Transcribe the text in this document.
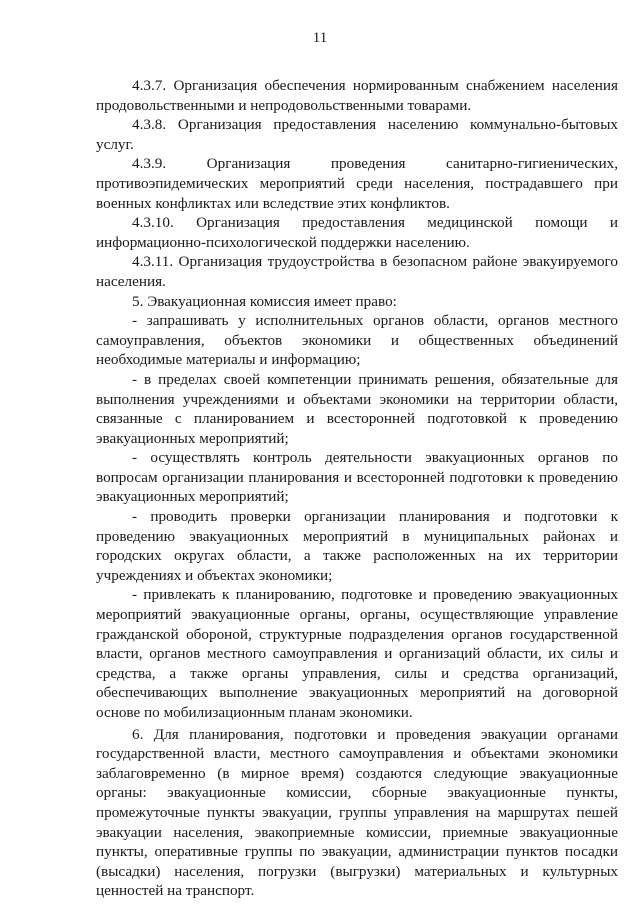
11

4.3.7. Организация обеспечения нормированным снабжением населения продовольственными и непродовольственными товарами.

4.3.8. Организация предоставления населению коммунально-бытовых услуг.

4.3.9. Организация проведения санитарно-гигиенических, противоэпидемических мероприятий среди населения, пострадавшего при военных конфликтах или вследствие этих конфликтов.

4.3.10. Организация предоставления медицинской помощи и информационно-психологической поддержки населению.

4.3.11. Организация трудоустройства в безопасном районе эвакуируемого населения.

5. Эвакуационная комиссия имеет право:

- запрашивать у исполнительных органов области, органов местного самоуправления, объектов экономики и общественных объединений необходимые материалы и информацию;

- в пределах своей компетенции принимать решения, обязательные для выполнения учреждениями и объектами экономики на территории области, связанные с планированием и всесторонней подготовкой к проведению эвакуационных мероприятий;

- осуществлять контроль деятельности эвакуационных органов по вопросам организации планирования и всесторонней подготовки к проведению эвакуационных мероприятий;

- проводить проверки организации планирования и подготовки к проведению эвакуационных мероприятий в муниципальных районах и городских округах области, а также расположенных на их территории учреждениях и объектах экономики;

- привлекать к планированию, подготовке и проведению эвакуационных мероприятий эвакуационные органы, органы, осуществляющие управление гражданской обороной, структурные подразделения органов государственной власти, органов местного самоуправления и организаций области, их силы и средства, а также органы управления, силы и средства организаций, обеспечивающих выполнение эвакуационных мероприятий на договорной основе по мобилизационным планам экономики.

6. Для планирования, подготовки и проведения эвакуации органами государственной власти, местного самоуправления и объектами экономики заблаговременно (в мирное время) создаются следующие эвакуационные органы: эвакуационные комиссии, сборные эвакуационные пункты, промежуточные пункты эвакуации, группы управления на маршрутах пешей эвакуации населения, эвакоприемные комиссии, приемные эвакуационные пункты, оперативные группы по эвакуации, администрации пунктов посадки (высадки) населения, погрузки (выгрузки) материальных и культурных ценностей на транспорт.
